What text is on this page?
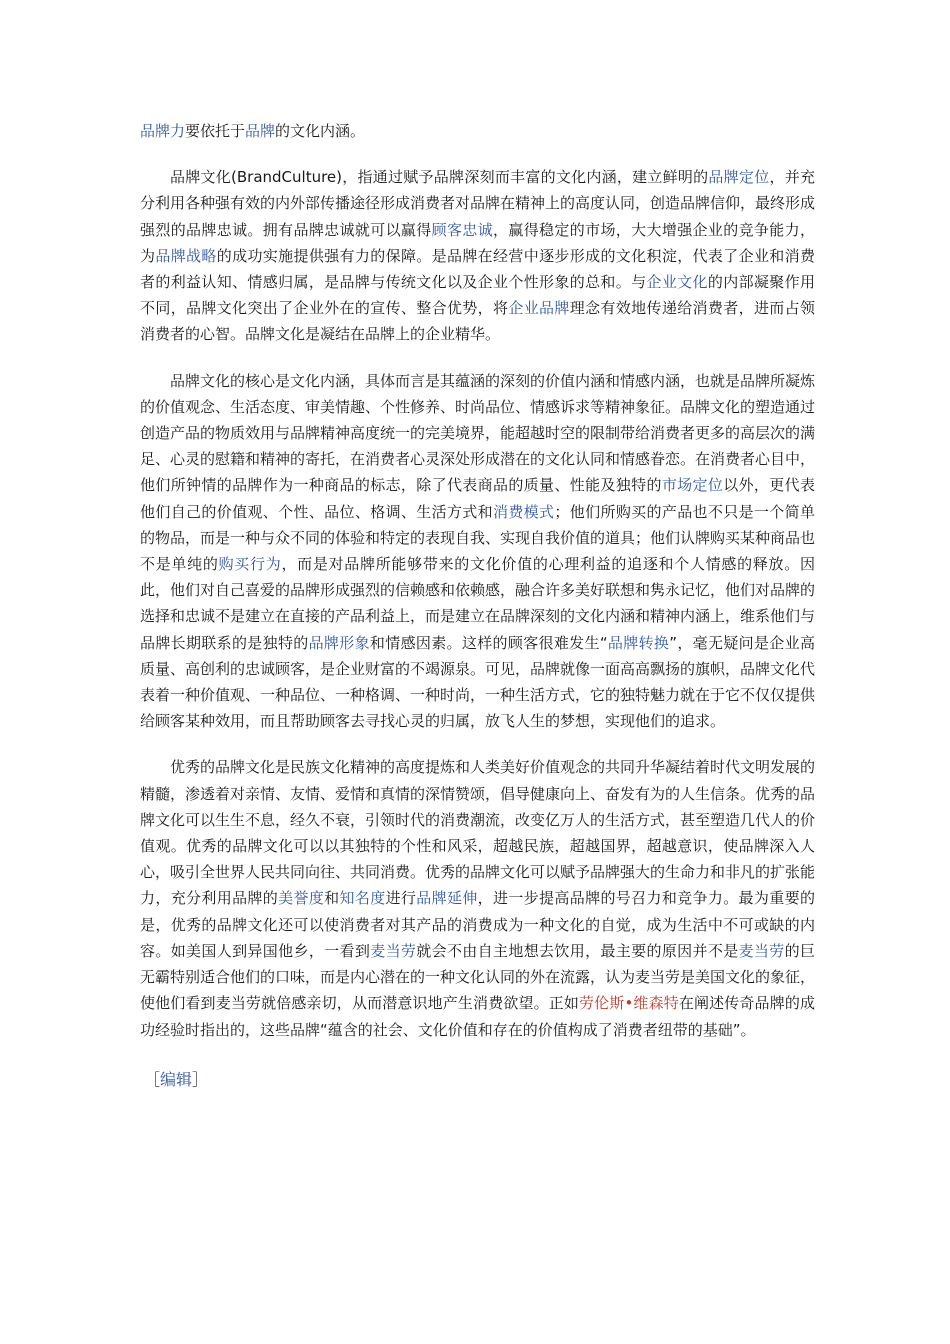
品牌力要依托于品牌的文化内涵。

品牌文化(BrandCulture)，指通过赋予品牌深刻而丰富的文化内涵，建立鲜明的品牌定位，并充分利用各种强有效的内外部传播途径形成消费者对品牌在精神上的高度认同，创造品牌信仰，最终形成强烈的品牌忠诚。拥有品牌忠诚就可以赢得顾客忠诚，赢得稳定的市场，大大增强企业的竞争能力，为品牌战略的成功实施提供强有力的保障。是品牌在经营中逐步形成的文化积淀，代表了企业和消费者的利益认知、情感归属，是品牌与传统文化以及企业个性形象的总和。与企业文化的内部凝聚作用不同，品牌文化突出了企业外在的宣传、整合优势，将企业品牌理念有效地传递给消费者，进而占领消费者的心智。品牌文化是凝结在品牌上的企业精华。

品牌文化的核心是文化内涵，具体而言是其蕴涵的深刻的价值内涵和情感内涵，也就是品牌所凝炼的价值观念、生活态度、审美情趣、个性修养、时尚品位、情感诉求等精神象征。品牌文化的塑造通过创造产品的物质效用与品牌精神高度统一的完美境界，能超越时空的限制带给消费者更多的高层次的满足、心灵的慰籍和精神的寄托，在消费者心灵深处形成潜在的文化认同和情感眷恋。在消费者心目中，他们所钟情的品牌作为一种商品的标志，除了代表商品的质量、性能及独特的市场定位以外，更代表他们自己的价值观、个性、品位、格调、生活方式和消费模式；他们所购买的产品也不只是一个简单的物品，而是一种与众不同的体验和特定的表现自我、实现自我价值的道具；他们认牌购买某种商品也不是单纯的购买行为，而是对品牌所能够带来的文化价值的心理利益的追逐和个人情感的释放。因此，他们对自己喜爱的品牌形成强烈的信赖感和依赖感，融合许多美好联想和隽永记忆，他们对品牌的选择和忠诚不是建立在直接的产品利益上，而是建立在品牌深刻的文化内涵和精神内涵上，维系他们与品牌长期联系的是独特的品牌形象和情感因素。这样的顾客很难发生“品牌转换”，毫无疑问是企业高质量、高创利的忠诚顾客，是企业财富的不竭源泉。可见，品牌就像一面高高飘扬的旗帜，品牌文化代表着一种价值观、一种品位、一种格调、一种时尚，一种生活方式，它的独特魅力就在于它不仅仅提供给顾客某种效用，而且帮助顾客去寻找心灵的归属，放飞人生的梦想，实现他们的追求。

优秀的品牌文化是民族文化精神的高度提炼和人类美好价值观念的共同升华凝结着时代文明发展的精髓，渗透着对亲情、友情、爱情和真情的深情赞颂，倡导健康向上、奋发有为的人生信条。优秀的品牌文化可以生生不息，经久不衰，引领时代的消费潮流，改变亿万人的生活方式，甚至塑造几代人的价值观。优秀的品牌文化可以以其独特的个性和风采，超越民族，超越国界，超越意识，使品牌深入人心，吸引全世界人民共同向往、共同消费。优秀的品牌文化可以赋予品牌强大的生命力和非凡的扩张能力，充分利用品牌的美誉度和知名度进行品牌延伸，进一步提高品牌的号召力和竞争力。最为重要的是，优秀的品牌文化还可以使消费者对其产品的消费成为一种文化的自觉，成为生活中不可或缺的内容。如美国人到异国他乡，一看到麦当劳就会不由自主地想去饮用，最主要的原因并不是麦当劳的巨无霸特别适合他们的口味，而是内心潜在的一种文化认同的外在流露，认为麦当劳是美国文化的象征，使他们看到麦当劳就倍感亲切，从而潜意识地产生消费欲望。正如劳伦斯•维森特在阐述传奇品牌的成功经验时指出的，这些品牌“蕴含的社会、文化价值和存在的价值构成了消费者纽带的基础”。

［编辑］
